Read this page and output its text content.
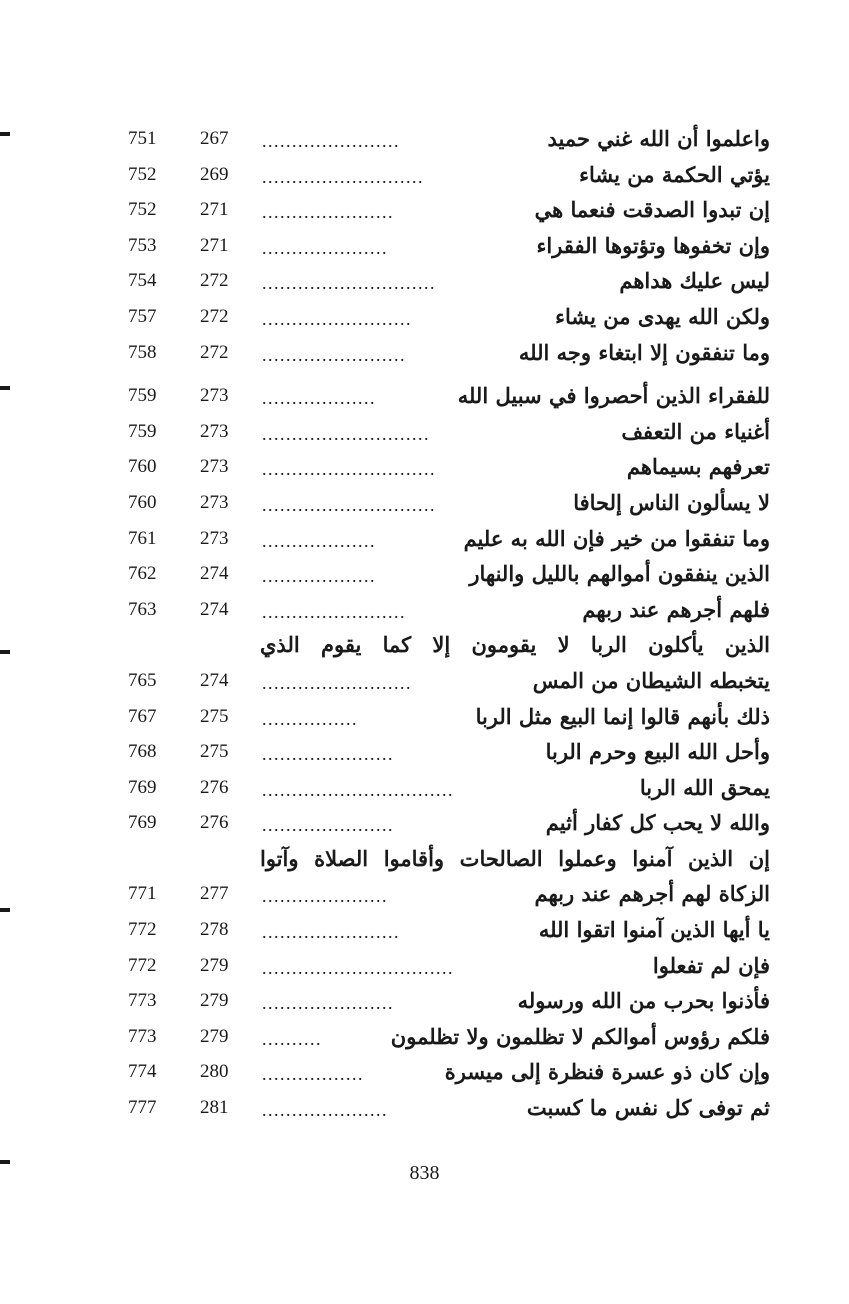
751	267	.......................	واعلموا أن الله غني حميد
752	269	...........................	يؤتي الحكمة من يشاء
752	271	......................	إن تبدوا الصدقت فنعما هي
753	271	.....................	وإن تخفوها وتؤتوها الفقراء
754	272	.............................	ليس عليك هداهم
757	272	.........................	ولكن الله يهدى من يشاء
758	272	........................	وما تنفقون إلا ابتغاء وجه الله
759	273	...................	للفقراء الذين أحصروا في سبيل الله
759	273	............................	أغنياء من التعفف
760	273	.............................	تعرفهم بسيماهم
760	273	.............................	لا يسألون الناس إلحافا
761	273	...................	وما تنفقوا من خير فإن الله به عليم
762	274	...................	الذين ينفقون أموالهم بالليل والنهار
763	274	........................	فلهم أجرهم عند ربهم
الذين يأكلون الربا لا يقومون إلا كما يقوم الذي
765	274	.........................	يتخبطه الشيطان من المس
767	275	................	ذلك بأنهم قالوا إنما البيع مثل الربا
768	275	......................	وأحل الله البيع وحرم الربا
769	276	................................	يمحق الله الربا
769	276	......................	والله لا يحب كل كفار أثيم
إن الذين آمنوا وعملوا الصالحات وأقاموا الصلاة وآتوا
771	277	.....................	الزكاة لهم أجرهم عند ربهم
772	278	.......................	يا أيها الذين آمنوا اتقوا الله
772	279	................................	فإن لم تفعلوا
773	279	......................	فأذنوا بحرب من الله ورسوله
773	279	..........	فلكم رؤوس أموالكم لا تظلمون ولا تظلمون
774	280	.................	وإن كان ذو عسرة فنظرة إلى ميسرة
777	281	.....................	ثم توفى كل نفس ما كسبت
838
